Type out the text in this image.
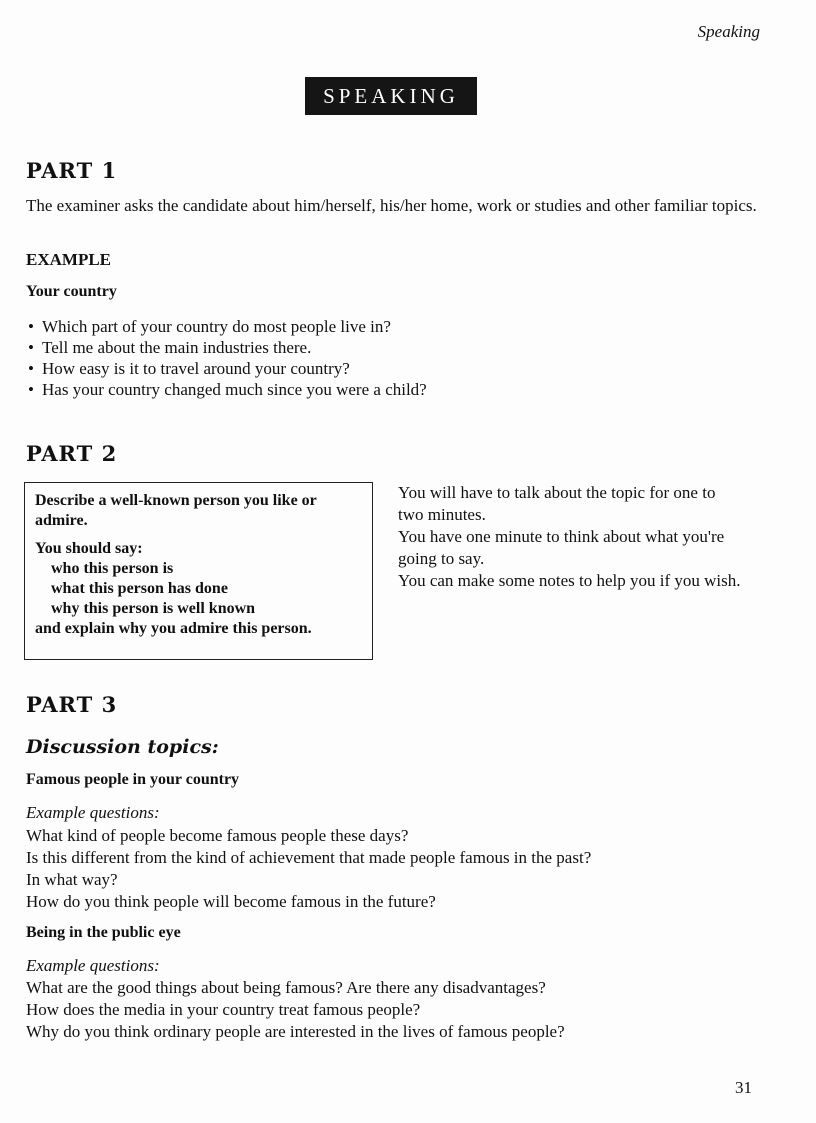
Speaking
SPEAKING
PART 1

The examiner asks the candidate about him/herself, his/her home, work or studies and other familiar topics.

EXAMPLE
Your country
• Which part of your country do most people live in?
• Tell me about the main industries there.
• How easy is it to travel around your country?
• Has your country changed much since you were a child?
PART 2
Describe a well-known person you like or admire.
You should say:
who this person is
what this person has done
why this person is well known
and explain why you admire this person.
You will have to talk about the topic for one to two minutes.
You have one minute to think about what you're going to say.
You can make some notes to help you if you wish.
PART 3
Discussion topics:
Famous people in your country
Example questions:
What kind of people become famous people these days?
Is this different from the kind of achievement that made people famous in the past?
In what way?
How do you think people will become famous in the future?
Being in the public eye
Example questions:
What are the good things about being famous? Are there any disadvantages?
How does the media in your country treat famous people?
Why do you think ordinary people are interested in the lives of famous people?
31
